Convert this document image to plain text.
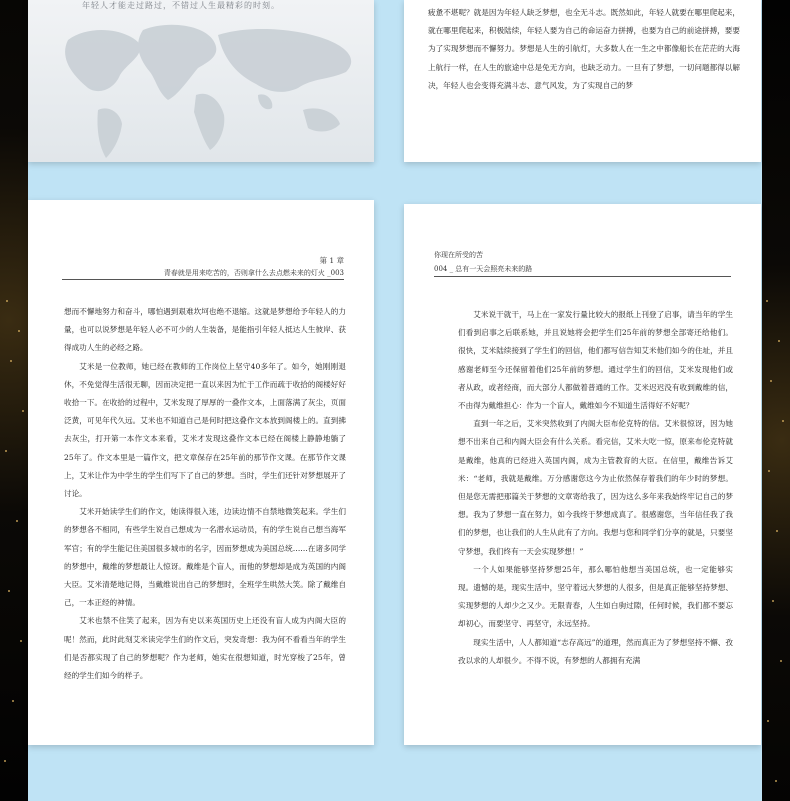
年轻人才能走过路过，不错过人生最精彩的时刻。

疲惫不堪呢？就是因为年轻人缺乏梦想，也全无斗志。既然如此，年轻人就要在哪里爬起来，就在哪里爬起来，积极陆续，年轻人要为自己的命运奋力拼搏，也要为自己的前途拼搏，要要为了实现梦想而不懈努力。梦想是人生的引航灯，大多数人在一生之中都像船长在茫茫的大海上航行一样，在人生的旅途中总是免无方向，也缺乏动力。一旦有了梦想，一切问题都得以解决，年轻人也会变得充满斗志、意气风发，为了实现自己的梦

第 1 章
青春就是用来吃苦的，否则拿什么去点燃未来的灯火 _003

想而不懈地努力和奋斗，哪怕遇到艰难坎坷也绝不退缩。这就是梦想给予年轻人的力量，也可以说梦想是年轻人必不可少的人生装备，是能指引年轻人抵达人生彼岸、获得成功人生的必经之路。

艾米是一位教师，她已经在教师的工作岗位上坚守40多年了。如今，她刚刚退休，不免觉得生活很无聊，因而决定把一直以来因为忙于工作而疏于收拾的阁楼好好收拾一下。在收拾的过程中，艾米发现了厚厚的一叠作文本，上面落满了灰尘，页面泛黄，可见年代久远。艾米也不知道自己是何时把这叠作文本放到阁楼上的。直到拂去灰尘，打开第一本作文本来看，艾米才发现这叠作文本已经在阁楼上静静地躺了25年了。作文本里是一篇作文，把文章保存在25年前的那节作文课。在那节作文课上，艾米让作为中学生的学生们写下了自己的梦想。当时，学生们还针对梦想展开了讨论。

艾米开始读学生们的作文，她读得很入迷，边读边情不自禁地微笑起来。学生们的梦想各不相同，有些学生说自己想成为一名潜水运动员，有的学生说自己想当海军军官；有的学生能记住美国很多城市的名字，因而梦想成为美国总统……在诸多同学的梦想中，戴维的梦想最让人惊讶。戴维是个盲人，而他的梦想却是成为英国的内阁大臣。艾米清楚地记得，当戴维说出自己的梦想时，全班学生哄然大笑。除了戴维自己，一本正经的神情。

艾米也禁不住笑了起来，因为有史以来英国历史上还没有盲人成为内阁大臣的呢！然而，此时此刻艾米读完学生们的作文后，突发奇想：我为何不看看当年的学生们是否都实现了自己的梦想呢？作为老师，她实在很想知道，时光穿梭了25年，曾经的学生们如今的样子。

你现在所受的苦
004 _ 总有一天会照亮未来的路

艾米说干就干，马上在一家发行量比较大的报纸上刊登了启事，请当年的学生们看到启事之后联系她，并且说她将会把学生们25年前的梦想全部寄还给他们。很快，艾米陆续接到了学生们的回信，他们都写信告知艾米他们如今的住址，并且感谢老师至今还保留着他们25年前的梦想。通过学生们的回信，艾米发现他们或者从政，或者经商，而大部分人都做着普通的工作。艾米迟迟没有收到戴维的信，不由得为戴维担心：作为一个盲人，戴维如今不知道生活得好不好呢？

直到一年之后，艾米突然收到了内阁大臣布伦克特的信。艾米很惊讶，因为她想不出来自己和内阁大臣会有什么关系。看完信，艾米大吃一惊，原来布伦克特就是戴维，他真的已经进入英国内阁，成为主管教育的大臣。在信里，戴维告诉艾米：“老师，我就是戴维。万分感谢您这今为止依然保存着我们的年少时的梦想。但是您无需把那篇关于梦想的文章寄给我了，因为这么多年来我始终牢记自己的梦想。我为了梦想一直在努力，如今我终于梦想成真了。很感谢您，当年信任我了我们的梦想，也让我们的人生从此有了方向。我想与您和同学们分享的就是，只要坚守梦想，我们终有一天会实现梦想！”

一个人如果能够坚持梦想25年，那么哪怕他想当美国总统，也一定能够实现。遗憾的是，现实生活中，坚守着远大梦想的人很多，但是真正能够坚持梦想、实现梦想的人却少之又少。无限青春，人生如白驹过隙，任何时候，我们都不要忘却初心，而要坚守、再坚守，永远坚持。

现实生活中，人人都知道“志存高远”的道理，然而真正为了梦想坚持不懈、孜孜以求的人却很少。不得不说，有梦想的人都拥有充满
